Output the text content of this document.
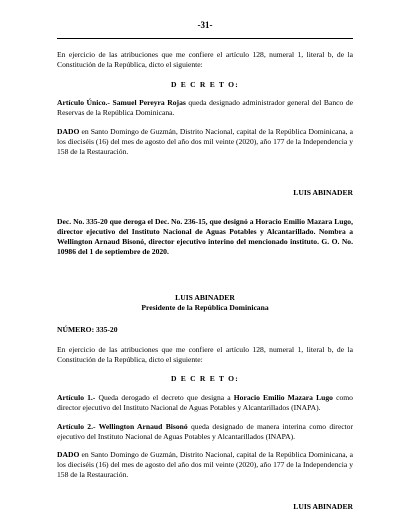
-31-

En ejercicio de las atribuciones que me confiere el artículo 128, numeral 1, literal b, de la Constitución de la República, dicto el siguiente:

D E C R E T O:

Artículo Único.- Samuel Pereyra Rojas queda designado administrador general del Banco de Reservas de la República Dominicana.

DADO en Santo Domingo de Guzmán, Distrito Nacional, capital de la República Dominicana, a los dieciséis (16) del mes de agosto del año dos mil veinte (2020), año 177 de la Independencia y 158 de la Restauración.

LUIS ABINADER

Dec. No. 335-20 que deroga el Dec. No. 236-15, que designó a Horacio Emilio Mazara Lugo, director ejecutivo del Instituto Nacional de Aguas Potables y Alcantarillado. Nombra a Wellington Arnaud Bisonó, director ejecutivo interino del mencionado instituto. G. O. No. 10986 del 1 de septiembre de 2020.

LUIS ABINADER

Presidente de la República Dominicana

NÚMERO: 335-20

En ejercicio de las atribuciones que me confiere el artículo 128, numeral 1, literal b, de la Constitución de la República, dicto el siguiente:

D E C R E T O:

Artículo 1.- Queda derogado el decreto que designa a Horacio Emilio Mazara Lugo como director ejecutivo del Instituto Nacional de Aguas Potables y Alcantarillados (INAPA).

Artículo 2.- Wellington Arnaud Bisonó queda designado de manera interina como director ejecutivo del Instituto Nacional de Aguas Potables y Alcantarillados (INAPA).

DADO en Santo Domingo de Guzmán, Distrito Nacional, capital de la República Dominicana, a los dieciséis (16) del mes de agosto del año dos mil veinte (2020), año 177 de la Independencia y 158 de la Restauración.

LUIS ABINADER
